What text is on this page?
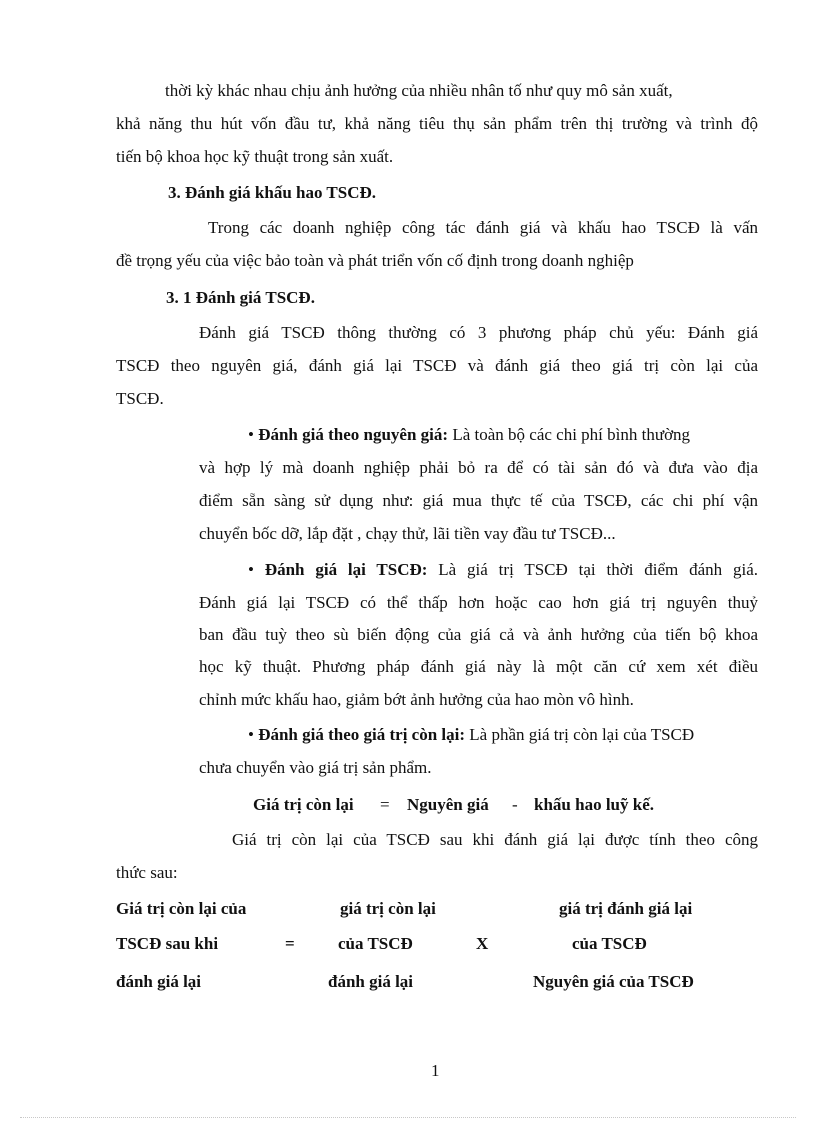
thời kỳ khác nhau chịu ảnh hưởng của nhiều nhân tố như quy mô sản xuất,
khả năng thu hút vốn đầu tư, khả năng tiêu thụ sản phẩm trên thị trường và trình độ
tiến bộ khoa học kỹ thuật trong sản xuất.
3. Đánh giá khấu hao TSCĐ.
Trong các doanh nghiệp công tác đánh giá và khấu hao TSCĐ là vấn
đề trọng yếu của việc bảo toàn và phát triển vốn cố định trong doanh nghiệp
3. 1 Đánh giá TSCĐ.
Đánh giá TSCĐ thông thường có 3 phương pháp chủ yếu: Đánh giá
TSCĐ theo nguyên giá, đánh giá lại TSCĐ và đánh giá theo giá trị còn lại của
TSCĐ.
• Đánh giá theo nguyên giá: Là toàn bộ các chi phí bình thường
và hợp lý mà doanh nghiệp phải bỏ ra để có tài sản đó và đưa vào địa
điểm sẵn sàng sử dụng như: giá mua thực tế của TSCĐ, các chi phí vận
chuyển bốc dỡ, lắp đặt , chạy thử, lãi tiền vay đầu tư TSCĐ...
• Đánh giá lại TSCĐ: Là giá trị TSCĐ tại thời điểm đánh giá.
Đánh giá lại TSCĐ có thể thấp hơn hoặc cao hơn giá trị nguyên thuỷ
ban đầu tuỳ theo sù biến động của giá cả và ảnh hưởng của tiến bộ khoa
học kỹ thuật. Phương pháp đánh giá này là một căn cứ xem xét điều
chỉnh mức khấu hao, giảm bớt ảnh hưởng của hao mòn vô hình.
• Đánh giá theo giá trị còn lại: Là phần giá trị còn lại của TSCĐ
chưa chuyển vào giá trị sản phẩm.
Giá trị còn lại = Nguyên giá - khấu hao luỹ kế.
Giá trị còn lại của TSCĐ sau khi đánh giá lại được tính theo công
thức sau:
Giá trị còn lại của	giá trị còn lại	giá trị đánh giá lại
TSCĐ sau khi	=	của TSCĐ	X	của TSCĐ
đánh giá lại	đánh giá lại	Nguyên giá của TSCĐ
1
